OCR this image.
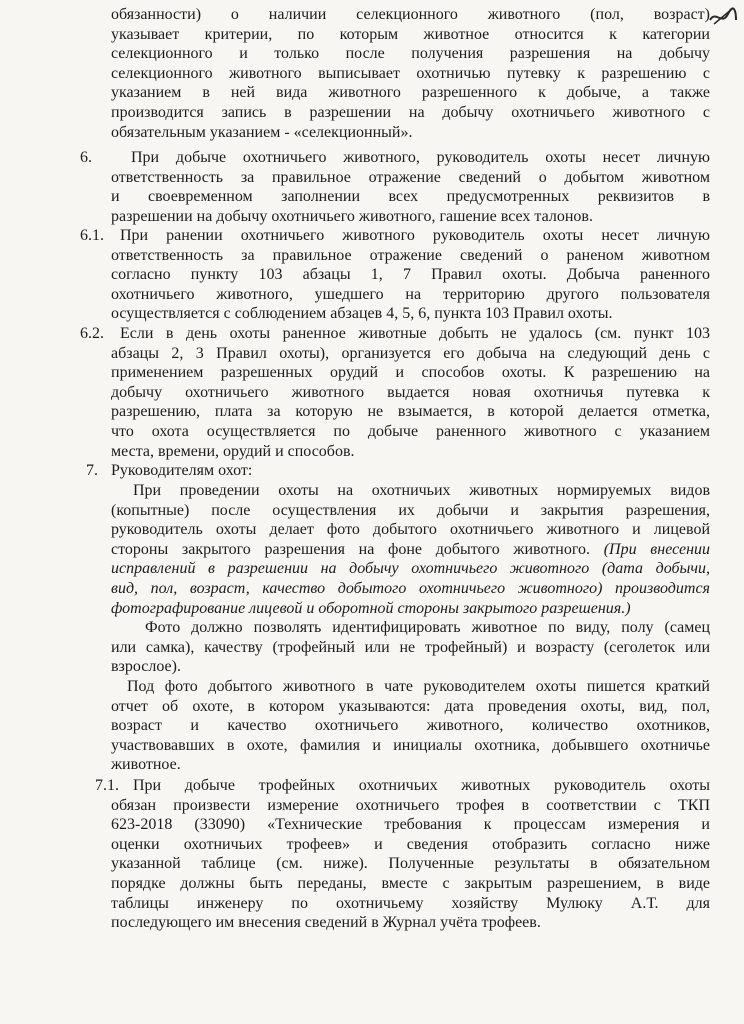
обязанности) о наличии селекционного животного (пол, возраст)
указывает критерии, по которым животное относится к категории
селекционного и только после получения разрешения на добычу
селекционного животного выписывает охотничью путевку к разрешению с
указанием в ней вида животного разрешенного к добыче, а также
производится запись в разрешении на добычу охотничьего животного с
обязательным указанием - «селекционный».
6.	При добыче охотничьего животного, руководитель охоты несет личную
ответственность за правильное отражение сведений о добытом животном
и своевременном заполнении всех предусмотренных реквизитов в
разрешении на добычу охотничьего животного, гашение всех талонов.
6.1.	При ранении охотничьего животного руководитель охоты несет личную
ответственность за правильное отражение сведений о раненом животном
согласно пункту 103 абзацы 1, 7 Правил охоты. Добыча раненного
охотничьего животного, ушедшего на территорию другого пользователя
осуществляется с соблюдением абзацев 4, 5, 6, пункта 103 Правил охоты.
6.2.	Если в день охоты раненное животные добыть не удалось (см. пункт 103
абзацы 2, 3 Правил охоты), организуется его добыча на следующий день с
применением разрешенных орудий и способов охоты. К разрешению на
добычу охотничьего животного выдается новая охотничья путевка к
разрешению, плата за которую не взымается, в которой делается отметка,
что охота осуществляется по добыче раненного животного с указанием
места, времени, орудий и способов.
7. Руководителям охот:
При проведении охоты на охотничьих животных нормируемых видов
(копытные) после осуществления их добычи и закрытия разрешения,
руководитель охоты делает фото добытого охотничьего животного и лицевой
стороны закрытого разрешения на фоне добытого животного. (При внесении
исправлений в разрешении на добычу охотничьего животного (дата добычи,
вид, пол, возраст, качество добытого охотничьего животного) производится
фотографирование лицевой и оборотной стороны закрытого разрешения.)
Фото должно позволять идентифицировать животное по виду, полу (самец
или самка), качеству (трофейный или не трофейный) и возрасту (сеголеток или
взрослое).
Под фото добытого животного в чате руководителем охоты пишется краткий
отчет об охоте, в котором указываются: дата проведения охоты, вид, пол,
возраст и качество охотничьего животного, количество охотников,
участвовавших в охоте, фамилия и инициалы охотника, добывшего охотничье
животное.
7.1. При добыче трофейных охотничьих животных руководитель охоты
обязан произвести измерение охотничьего трофея в соответствии с ТКП
623-2018 (33090) «Технические требования к процессам измерения и
оценки охотничьих трофеев» и сведения отобразить согласно ниже
указанной таблице (см. ниже). Полученные результаты в обязательном
порядке должны быть переданы, вместе с закрытым разрешением, в виде
таблицы инженеру по охотничьему хозяйству Мулюку А.Т. для
последующего им внесения сведений в Журнал учёта трофеев.
